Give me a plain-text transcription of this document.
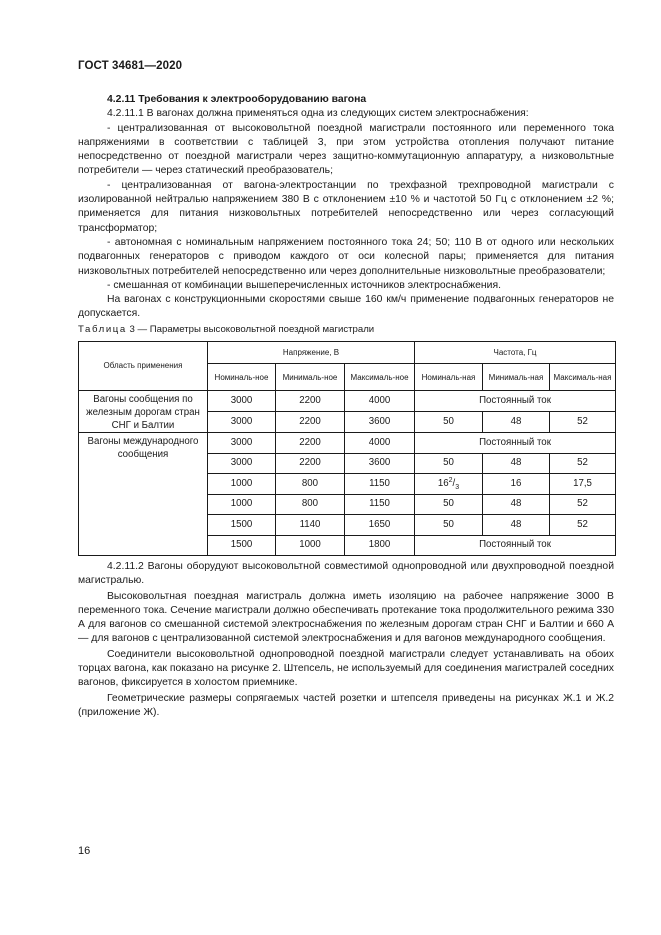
ГОСТ 34681—2020

4.2.11 Требования к электрооборудованию вагона

4.2.11.1 В вагонах должна применяться одна из следующих систем электроснабжения:

- централизованная от высоковольтной поездной магистрали постоянного или переменного тока напряжениями в соответствии с таблицей 3, при этом устройства отопления получают питание непосредственно от поездной магистрали через защитно-коммутационную аппаратуру, а низковольтные потребители — через статический преобразователь;

- централизованная от вагона-электростанции по трехфазной трехпроводной магистрали с изолированной нейтралью напряжением 380 В с отклонением ±10 % и частотой 50 Гц с отклонением ±2 %; применяется для питания низковольтных потребителей непосредственно или через согласующий трансформатор;

- автономная с номинальным напряжением постоянного тока 24; 50; 110 В от одного или нескольких подвагонных генераторов с приводом каждого от оси колесной пары; применяется для питания низковольтных потребителей непосредственно или через дополнительные низковольтные преобразователи;

- смешанная от комбинации вышеперечисленных источников электроснабжения.

На вагонах с конструкционными скоростями свыше 160 км/ч применение подвагонных генераторов не допускается.

Таблица 3 — Параметры высоковольтной поездной магистрали
Область применения	Напряжение, В			Частота, Гц		
	Номиналь-ное	Минималь-ное	Максималь-ное	Номиналь-ная	Минималь-ная	Максималь-ная
Вагоны сообщения по железным дорогам стран СНГ и Балтии	3000	2200	4000	Постоянный ток		
	3000	2200	3600	50	48	52
Вагоны международного сообщения	3000	2200	4000	Постоянный ток		
	3000	2200	3600	50	48	52
	1000	800	1150	$16^2/_3$	16	17,5
	1000	800	1150	50	48	52
	1500	1140	1650	50	48	52
	1500	1000	1800	Постоянный ток		

4.2.11.2 Вагоны оборудуют высоковольтной совместимой однопроводной или двухпроводной поездной магистралью.

Высоковольтная поездная магистраль должна иметь изоляцию на рабочее напряжение 3000 В переменного тока. Сечение магистрали должно обеспечивать протекание тока продолжительного режима 330 А для вагонов со смешанной системой электроснабжения по железным дорогам стран СНГ и Балтии и 660 А — для вагонов с централизованной системой электроснабжения и для вагонов международного сообщения.

Соединители высоковольтной однопроводной поездной магистрали следует устанавливать на обоих торцах вагона, как показано на рисунке 2. Штепсель, не используемый для соединения магистралей соседних вагонов, фиксируется в холостом приемнике.

Геометрические размеры сопрягаемых частей розетки и штепселя приведены на рисунках Ж.1 и Ж.2 (приложение Ж).

16
